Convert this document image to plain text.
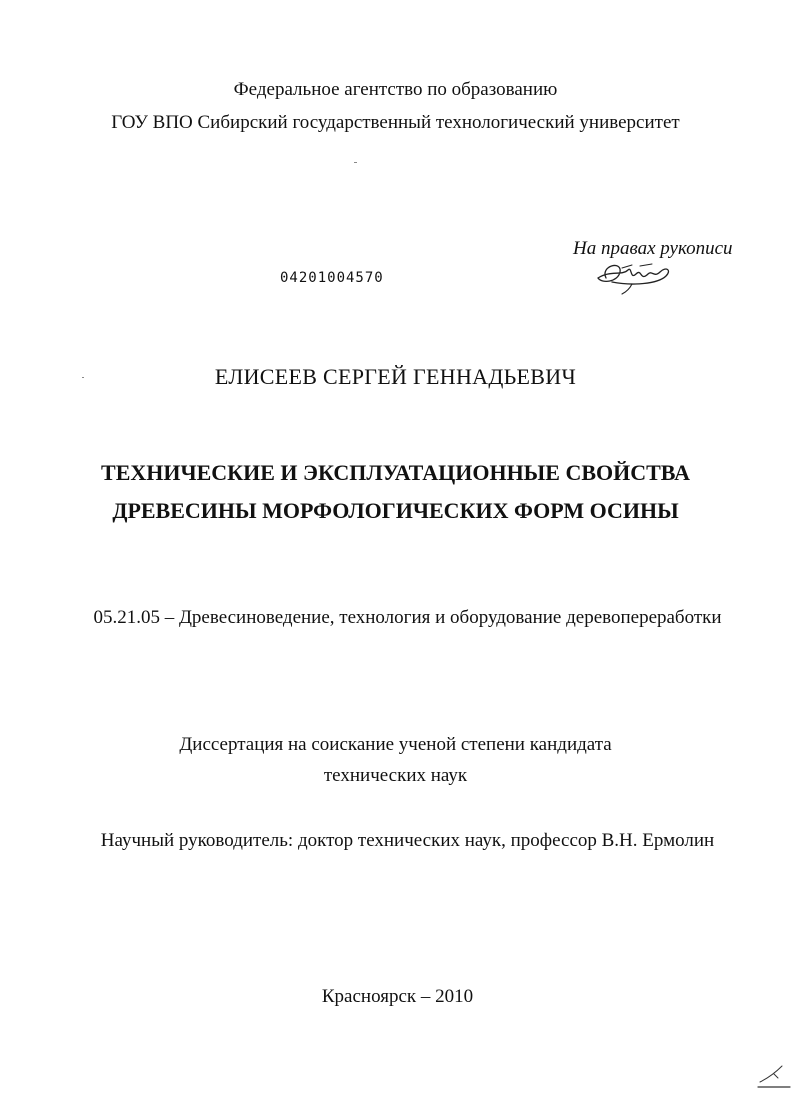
Федеральное агентство по образованию
ГОУ ВПО Сибирский государственный технологический университет
На правах рукописи
04201004570
ЕЛИСЕЕВ СЕРГЕЙ ГЕННАДЬЕВИЧ
ТЕХНИЧЕСКИЕ И ЭКСПЛУАТАЦИОННЫЕ СВОЙСТВА
ДРЕВЕСИНЫ МОРФОЛОГИЧЕСКИХ ФОРМ ОСИНЫ
05.21.05 – Древесиноведение, технология и оборудование деревопереработки
Диссертация на соискание ученой степени кандидата
технических наук
Научный руководитель: доктор технических наук, профессор В.Н. Ермолин
Красноярск – 2010
